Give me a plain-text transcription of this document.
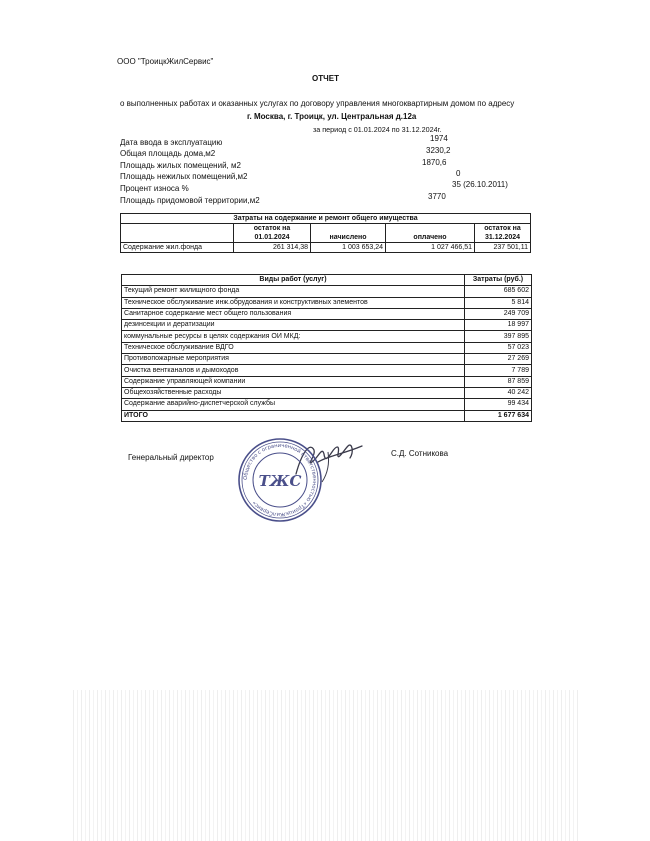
ООО "ТроицкЖилСервис"
ОТЧЕТ
о выполненных работах и оказанных услугах по договору управления многоквартирным домом по адресу
г. Москва, г. Троицк, ул. Центральная д.12а
за период с 01.01.2024 по 31.12.2024г.
Дата ввода в эксплуатацию	1974
Общая площадь дома,м2	3230,2
Площадь жилых помещений, м2	1870,6
Площадь нежилых помещений,м2	0
Процент износа %	35 (26.10.2011)
Площадь придомовой территории,м2	3770
Затраты на содержание и ремонт общего имущества				
	остаток на
01.01.2024	начислено	оплачено	остаток на
31.12.2024
Содержание жил.фонда	261 314,38	1 003 653,24	1 027 466,51	237 501,11
Виды работ (услуг)	Затраты (руб.)
Текущий ремонт жилищного фонда	685 602
Техническое обслуживание инж.обрудования и конструктивных элементов	5 814
Санитарное содержание мест общего пользования	249 709
дезинсекции и дератизации	18 997
коммунальные ресурсы в целях содержания ОИ МКД:	397 895
Техническое обслуживание ВДГО	57 023
Противопожарные мероприятия	27 269
Очистка вентканалов и дымоходов	7 789
Содержание управляющей компании	87 859
Общехозяйственные расходы	40 242
Содержание аварийно-диспетчерской службы	99 434
ИТОГО	1 677 634
Генеральный директор	С.Д. Сотникова
Общество с ограниченной ответственностью «ТроицкЖилСервис»
ТЖС
